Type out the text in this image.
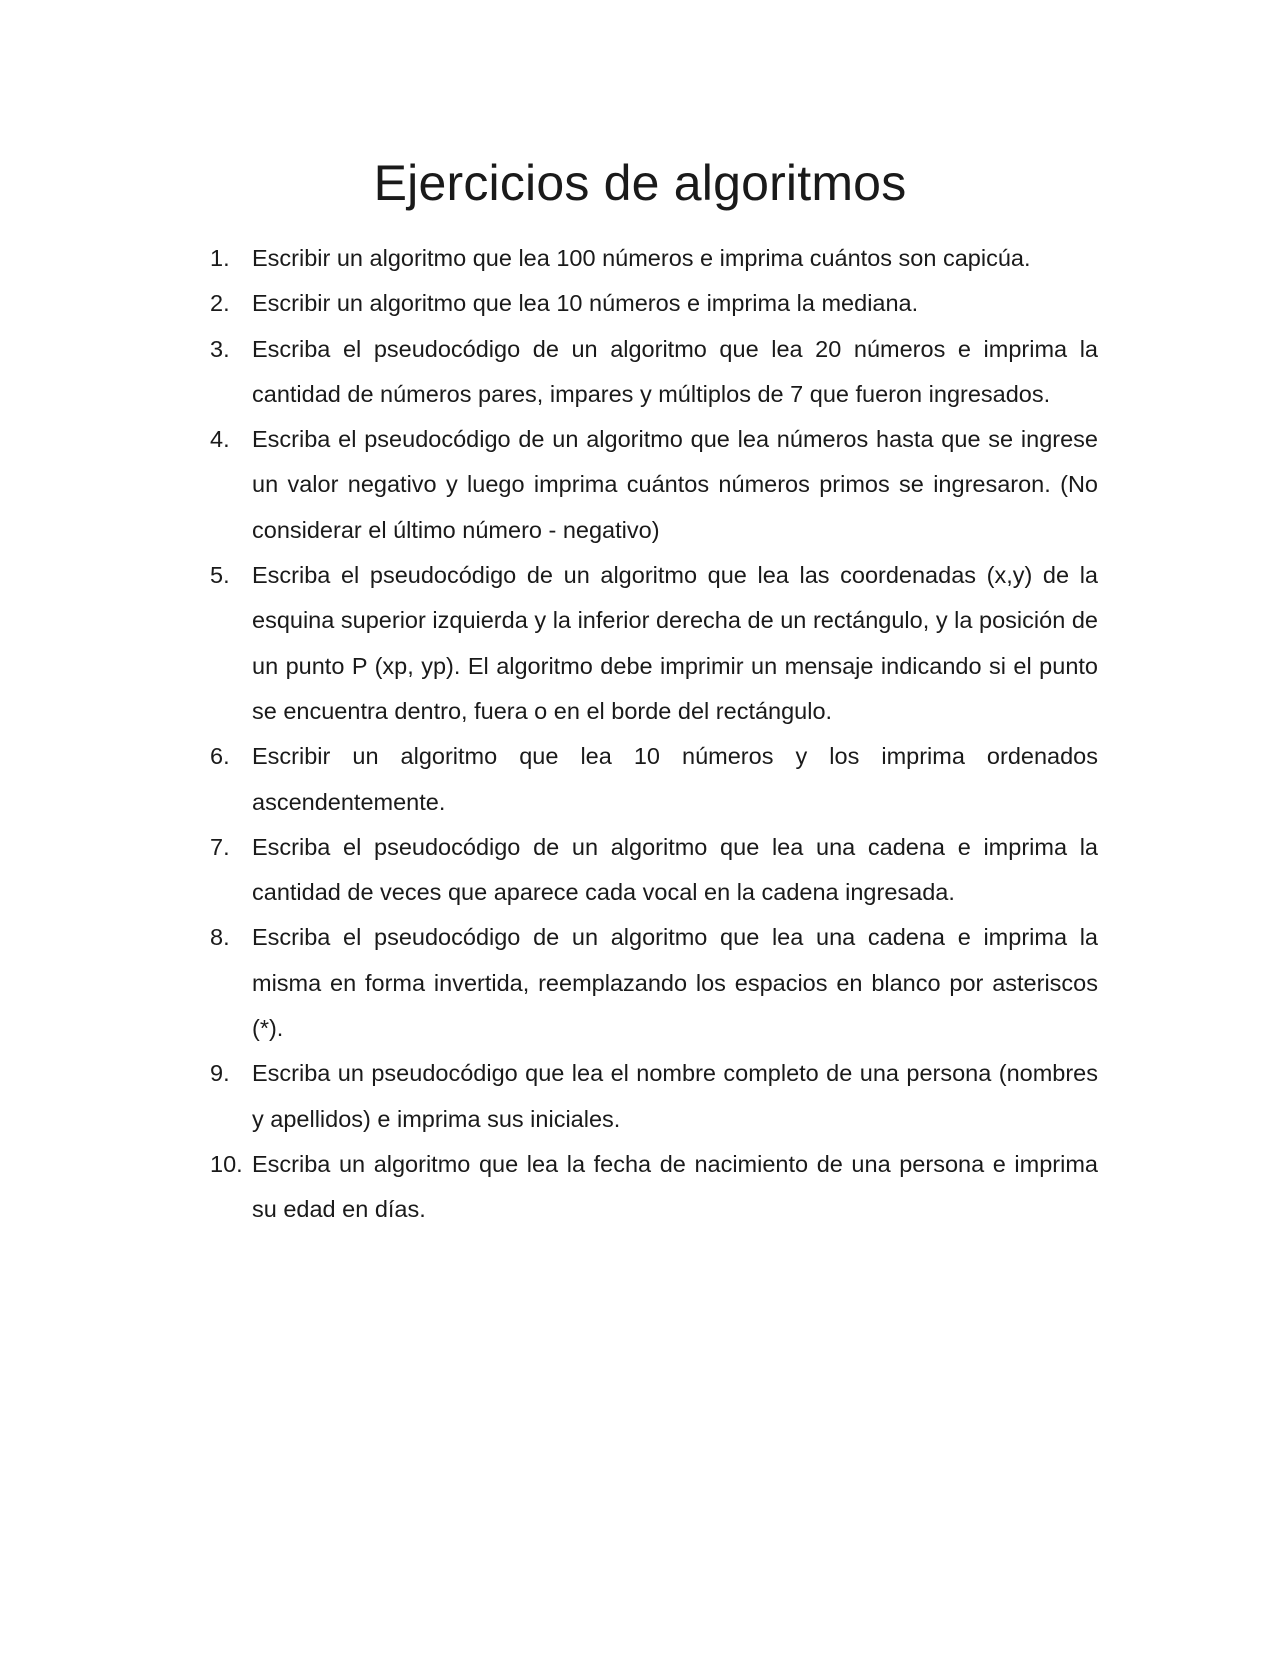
Ejercicios de algoritmos
1. Escribir un algoritmo que lea 100 números e imprima cuántos son capicúa.
2. Escribir un algoritmo que lea 10 números e imprima la mediana.
3. Escriba el pseudocódigo de un algoritmo que lea 20 números e imprima la cantidad de números pares, impares y múltiplos de 7 que fueron ingresados.
4. Escriba el pseudocódigo de un algoritmo que lea números hasta que se ingrese un valor negativo y luego imprima cuántos números primos se ingresaron. (No considerar el último número - negativo)
5. Escriba el pseudocódigo de un algoritmo que lea las coordenadas (x,y) de la esquina superior izquierda y la inferior derecha de un rectángulo, y la posición de un punto P (xp, yp). El algoritmo debe imprimir un mensaje indicando si el punto se encuentra dentro, fuera o en el borde del rectángulo.
6. Escribir un algoritmo que lea 10 números y los imprima ordenados ascendentemente.
7. Escriba el pseudocódigo de un algoritmo que lea una cadena e imprima la cantidad de veces que aparece cada vocal en la cadena ingresada.
8. Escriba el pseudocódigo de un algoritmo que lea una cadena e imprima la misma en forma invertida, reemplazando los espacios en blanco por asteriscos (*).
9. Escriba un pseudocódigo que lea el nombre completo de una persona (nombres y apellidos) e imprima sus iniciales.
10. Escriba un algoritmo que lea la fecha de nacimiento de una persona e imprima su edad en días.
